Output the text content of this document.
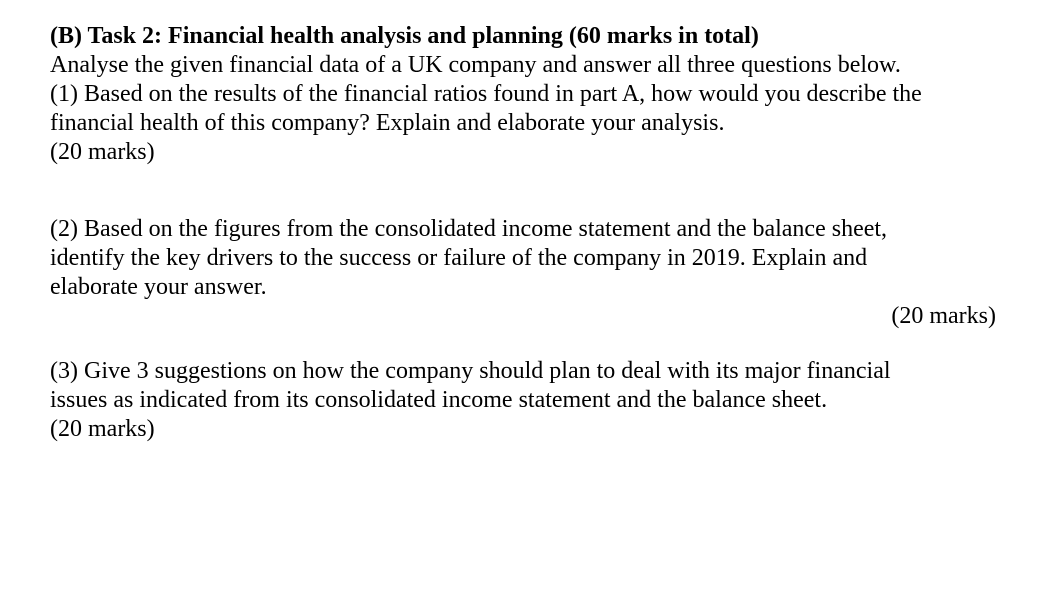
(B) Task 2: Financial health analysis and planning (60 marks in total)
Analyse the given financial data of a UK company and answer all three questions below.
(1) Based on the results of the financial ratios found in part A, how would you describe the
financial health of this company? Explain and elaborate your analysis.
(20 marks)
(2) Based on the figures from the consolidated income statement and the balance sheet,
identify the key drivers to the success or failure of the company in 2019. Explain and
elaborate your answer.
(20 marks)
(3) Give 3 suggestions on how the company should plan to deal with its major financial
issues as indicated from its consolidated income statement and the balance sheet.
(20 marks)
